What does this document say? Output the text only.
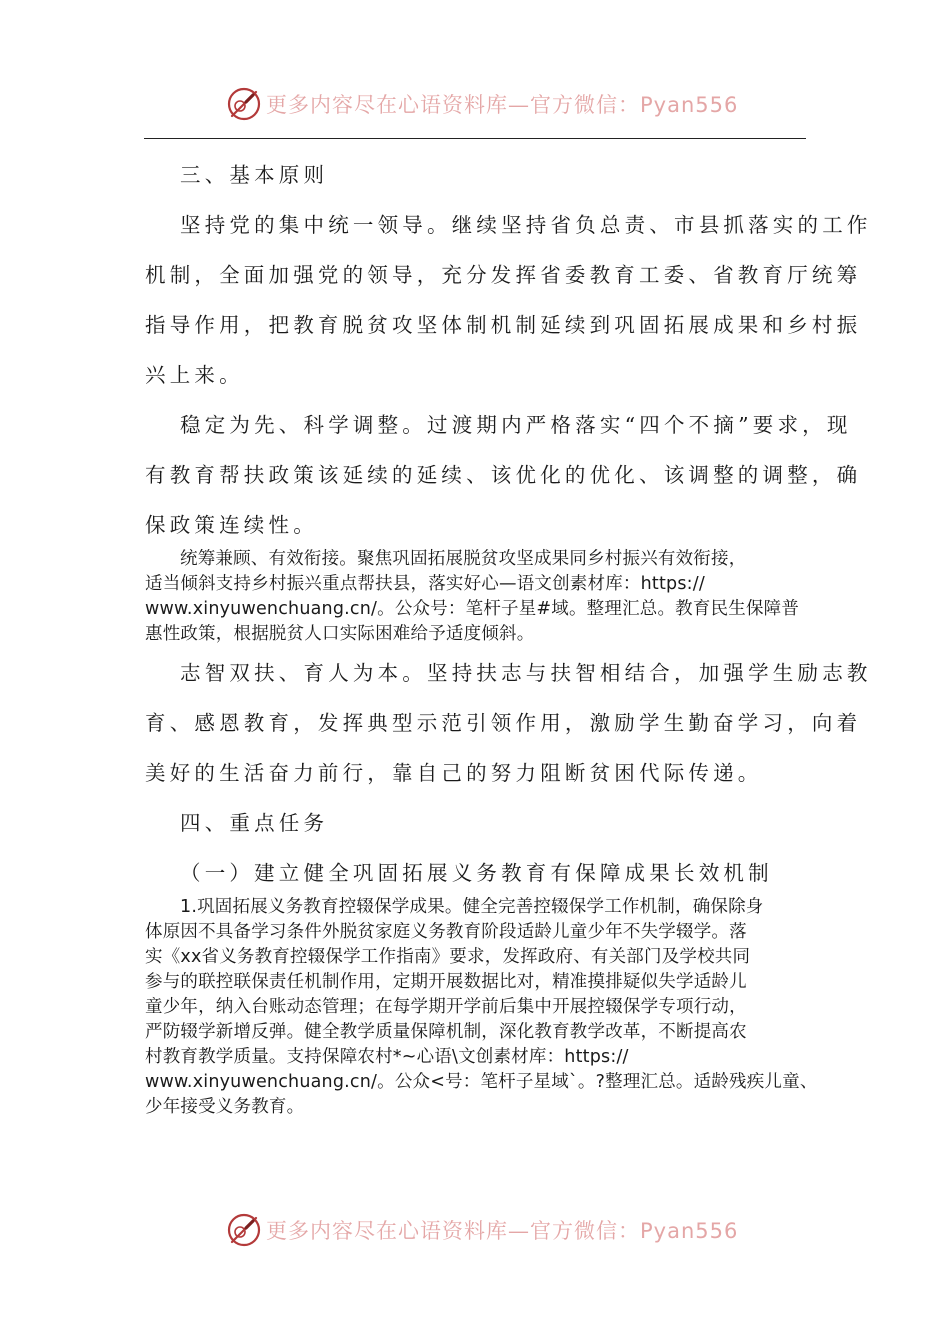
更多内容尽在心语资料库—官方微信：Pyan556
三、基本原则
坚持党的集中统一领导。继续坚持省负总责、市县抓落实的工作
机制，全面加强党的领导，充分发挥省委教育工委、省教育厅统筹
指导作用，把教育脱贫攻坚体制机制延续到巩固拓展成果和乡村振
兴上来。
稳定为先、科学调整。过渡期内严格落实“四个不摘”要求，现
有教育帮扶政策该延续的延续、该优化的优化、该调整的调整，确
保政策连续性。
统筹兼顾、有效衔接。聚焦巩固拓展脱贫攻坚成果同乡村振兴有效衔接，
适当倾斜支持乡村振兴重点帮扶县，落实好心—语文创素材库：https://
www.xinyuwenchuang.cn/。公众号：笔杆子星#域。整理汇总。教育民生保障普
惠性政策，根据脱贫人口实际困难给予适度倾斜。
志智双扶、育人为本。坚持扶志与扶智相结合，加强学生励志教
育、感恩教育，发挥典型示范引领作用，激励学生勤奋学习，向着
美好的生活奋力前行，靠自己的努力阻断贫困代际传递。
四、重点任务
（一）建立健全巩固拓展义务教育有保障成果长效机制
1.巩固拓展义务教育控辍保学成果。健全完善控辍保学工作机制，确保除身
体原因不具备学习条件外脱贫家庭义务教育阶段适龄儿童少年不失学辍学。落
实《xx省义务教育控辍保学工作指南》要求，发挥政府、有关部门及学校共同
参与的联控联保责任机制作用，定期开展数据比对，精准摸排疑似失学适龄儿
童少年，纳入台账动态管理；在每学期开学前后集中开展控辍保学专项行动，
严防辍学新增反弹。健全教学质量保障机制，深化教育教学改革，不断提高农
村教育教学质量。支持保障农村*~心语\文创素材库：https://
www.xinyuwenchuang.cn/。公众<号：笔杆子星域`。?整理汇总。适龄残疾儿童、
少年接受义务教育。
更多内容尽在心语资料库—官方微信：Pyan556
